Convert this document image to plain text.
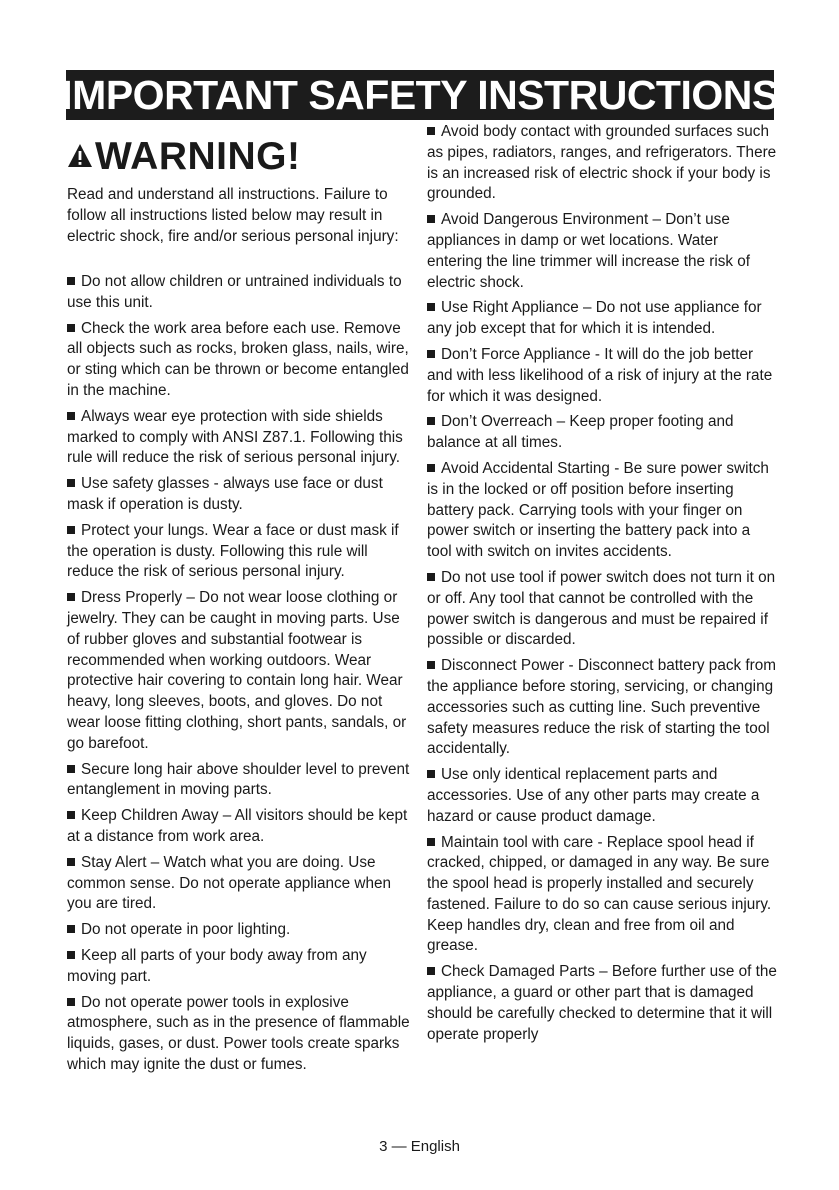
IMPORTANT SAFETY INSTRUCTIONS
WARNING!

Read and understand all instructions. Failure to follow all instructions listed below may result in electric shock, fire and/or serious personal injury:

Do not allow children or untrained individuals to use this unit.

Check the work area before each use. Remove all objects such as rocks, broken glass, nails, wire, or sting which can be thrown or become entangled in the machine.

Always wear eye protection with side shields marked to comply with ANSI Z87.1. Following this rule will reduce the risk of serious personal injury.

Use safety glasses - always use face or dust mask if operation is dusty.

Protect your lungs. Wear a face or dust mask if the operation is dusty. Following this rule will reduce the risk of serious personal injury.

Dress Properly – Do not wear loose clothing or jewelry. They can be caught in moving parts. Use of rubber gloves and substantial footwear is recommended when working outdoors. Wear protective hair covering to contain long hair. Wear heavy, long sleeves, boots, and gloves. Do not wear loose fitting clothing, short pants, sandals, or go barefoot.

Secure long hair above shoulder level to prevent entanglement in moving parts.

Keep Children Away – All visitors should be kept at a distance from work area.

Stay Alert – Watch what you are doing. Use common sense. Do not operate appliance when you are tired.

Do not operate in poor lighting.

Keep all parts of your body away from any moving part.

Do not operate power tools in explosive atmosphere, such as in the presence of flammable liquids, gases, or dust. Power tools create sparks which may ignite the dust or fumes.

Avoid body contact with grounded surfaces such as pipes, radiators, ranges, and refrigerators. There is an increased risk of electric shock if your body is grounded.

Avoid Dangerous Environment – Don’t use appliances in damp or wet locations. Water entering the line trimmer will increase the risk of electric shock.

Use Right Appliance – Do not use appliance for any job except that for which it is intended.

Don’t Force Appliance - It will do the job better and with less likelihood of a risk of injury at the rate for which it was designed.

Don’t Overreach – Keep proper footing and balance at all times.

Avoid Accidental Starting - Be sure power switch is in the locked or off position before inserting battery pack. Carrying tools with your finger on power switch or inserting the battery pack into a tool with switch on invites accidents.

Do not use tool if power switch does not turn it on or off. Any tool that cannot be controlled with the power switch is dangerous and must be repaired if possible or discarded.

Disconnect Power - Disconnect battery pack from the appliance before storing, servicing, or changing accessories such as cutting line. Such preventive safety measures reduce the risk of starting the tool accidentally.

Use only identical replacement parts and accessories. Use of any other parts may create a hazard or cause product damage.

Maintain tool with care - Replace spool head if cracked, chipped, or damaged in any way. Be sure the spool head is properly installed and securely fastened. Failure to do so can cause serious injury. Keep handles dry, clean and free from oil and grease.

Check Damaged Parts – Before further use of the appliance, a guard or other part that is damaged should be carefully checked to determine that it will operate properly

3 — English
